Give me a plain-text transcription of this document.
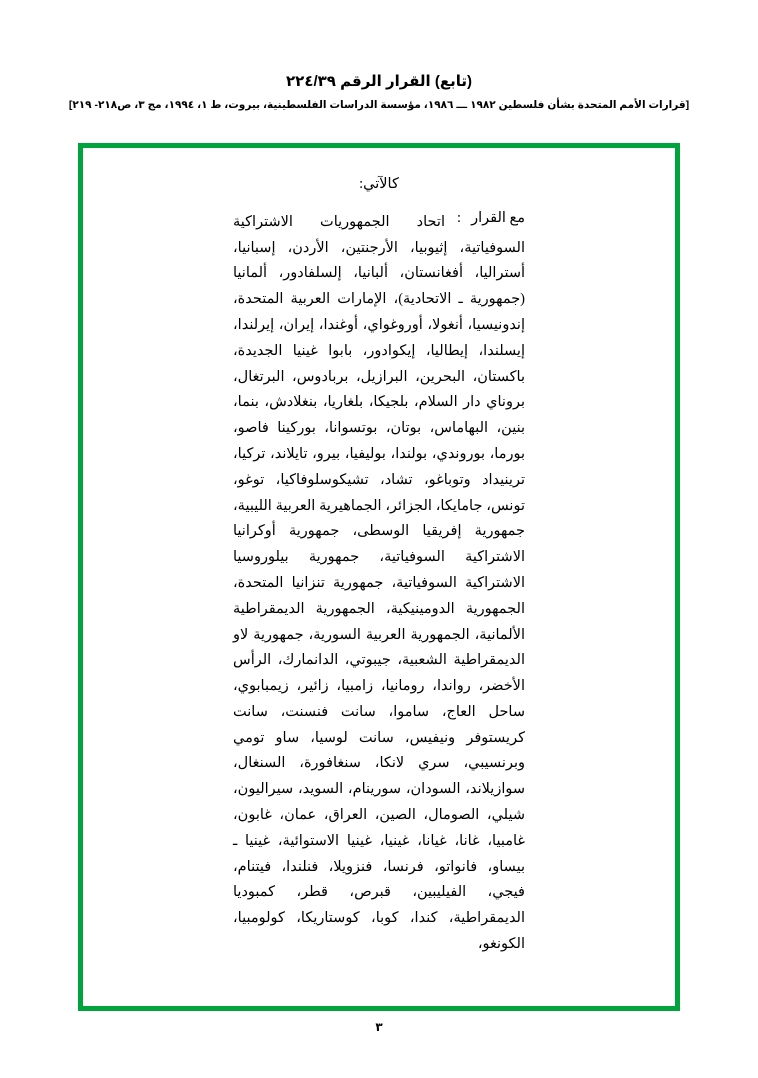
(تابع) القرار الرقم ٢٢٤/٣٩
[قرارات الأمم المتحدة بشأن فلسطين ١٩٨٢ ـــ ١٩٨٦، مؤسسة الدراسات الفلسطينية، بيروت، ط ١، ١٩٩٤، مج ٣، ص٢١٨- ٢١٩]

كالآتي:

مع القرار
:

اتحاد الجمهوريات الاشتراكية السوفياتية، إثيوبيا، الأرجنتين، الأردن، إسبانيا، أستراليا، أفغانستان، ألبانيا، إلسلفادور، ألمانيا (جمهورية ـ الاتحادية)، الإمارات العربية المتحدة، إندونيسيا، أنغولا، أوروغواي، أوغندا، إيران، إيرلندا، إيسلندا، إيطاليا، إيكوادور، بابوا غينيا الجديدة، باكستان، البحرين، البرازيل، بربادوس، البرتغال، بروناي دار السلام، بلجيكا، بلغاريا، بنغلادش، بنما، بنين، البهاماس، بوتان، بوتسوانا، بوركينا فاصو، بورما، بوروندي، بولندا، بوليفيا، بيرو، تايلاند، تركيا، ترينيداد وتوباغو، تشاد، تشيكوسلوفاكيا، توغو، تونس، جامايكا، الجزائر، الجماهيرية العربية الليبية، جمهورية إفريقيا الوسطى، جمهورية أوكرانيا الاشتراكية السوفياتية، جمهورية بيلوروسيا الاشتراكية السوفياتية، جمهورية تنزانيا المتحدة، الجمهورية الدومينيكية، الجمهورية الديمقراطية الألمانية، الجمهورية العربية السورية، جمهورية لاو الديمقراطية الشعبية، جيبوتي، الدانمارك، الرأس الأخضر، رواندا، رومانيا، زامبيا، زائير، زيمبابوي، ساحل العاج، ساموا، سانت فنسنت، سانت كريستوفر ونيفيس، سانت لوسيا، ساو تومي وبرنسيبي، سري لانكا، سنغافورة، السنغال، سوازيلاند، السودان، سورينام، السويد، سيراليون، شيلي، الصومال، الصين، العراق، عمان، غابون، غامبيا، غانا، غيانا، غينيا، غينيا الاستوائية، غينيا ـ بيساو، فانواتو، فرنسا، فنزويلا، فنلندا، فيتنام، فيجي، الفيليبين، قبرص، قطر، كمبوديا الديمقراطية، كندا، كوبا، كوستاريكا، كولومبيا، الكونغو،

٣
